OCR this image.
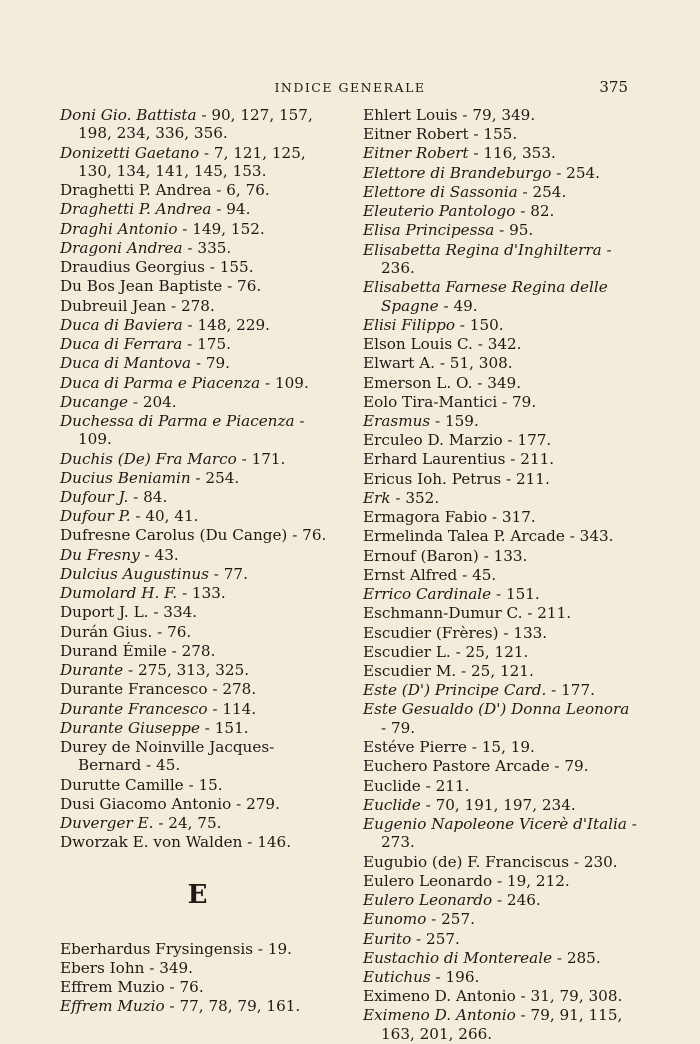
INDICE GENERALE	375
Doni Gio. Battista - 90, 127, 157, 198, 234, 336, 356.
Donizetti Gaetano - 7, 121, 125, 130, 134, 141, 145, 153.
Draghetti P. Andrea - 6, 76.
Draghetti P. Andrea - 94.
Draghi Antonio - 149, 152.
Dragoni Andrea - 335.
Draudius Georgius - 155.
Du Bos Jean Baptiste - 76.
Dubreuil Jean - 278.
Duca di Baviera - 148, 229.
Duca di Ferrara - 175.
Duca di Mantova - 79.
Duca di Parma e Piacenza - 109.
Ducange - 204.
Duchessa di Parma e Piacenza - 109.
Duchis (De) Fra Marco - 171.
Ducius Beniamin - 254.
Dufour J. - 84.
Dufour P. - 40, 41.
Dufresne Carolus (Du Cange) - 76.
Du Fresny - 43.
Dulcius Augustinus - 77.
Dumolard H. F. - 133.
Duport J. L. - 334.
Durán Gius. - 76.
Durand Émile - 278.
Durante - 275, 313, 325.
Durante Francesco - 278.
Durante Francesco - 114.
Durante Giuseppe - 151.
Durey de Noinville Jacques-Bernard - 45.
Durutte Camille - 15.
Dusi Giacomo Antonio - 279.
Duverger E. - 24, 75.
Dworzak E. von Walden - 146.
E
Eberhardus Frysingensis - 19.
Ebers Iohn - 349.
Effrem Muzio - 76.
Effrem Muzio - 77, 78, 79, 161.
Ehlert Louis - 79, 349.
Eitner Robert - 155.
Eitner Robert - 116, 353.
Elettore di Brandeburgo - 254.
Elettore di Sassonia - 254.
Eleuterio Pantologo - 82.
Elisa Principessa - 95.
Elisabetta Regina d'Inghilterra - 236.
Elisabetta Farnese Regina delle Spagne - 49.
Elisi Filippo - 150.
Elson Louis C. - 342.
Elwart A. - 51, 308.
Emerson L. O. - 349.
Eolo Tira-Mantici - 79.
Erasmus - 159.
Erculeo D. Marzio - 177.
Erhard Laurentius - 211.
Ericus Ioh. Petrus - 211.
Erk - 352.
Ermagora Fabio - 317.
Ermelinda Talea P. Arcade - 343.
Ernouf (Baron) - 133.
Ernst Alfred - 45.
Errico Cardinale - 151.
Eschmann-Dumur C. - 211.
Escudier (Frères) - 133.
Escudier L. - 25, 121.
Escudier M. - 25, 121.
Este (D') Principe Card. - 177.
Este Gesualdo (D') Donna Leonora - 79.
Estéve Pierre - 15, 19.
Euchero Pastore Arcade - 79.
Euclide - 211.
Euclide - 70, 191, 197, 234.
Eugenio Napoleone Vicerè d'Italia - 273.
Eugubio (de) F. Franciscus - 230.
Eulero Leonardo - 19, 212.
Eulero Leonardo - 246.
Eunomo - 257.
Eurito - 257.
Eustachio di Montereale - 285.
Eutichus - 196.
Eximeno D. Antonio - 31, 79, 308.
Eximeno D. Antonio - 79, 91, 115, 163, 201, 266.
